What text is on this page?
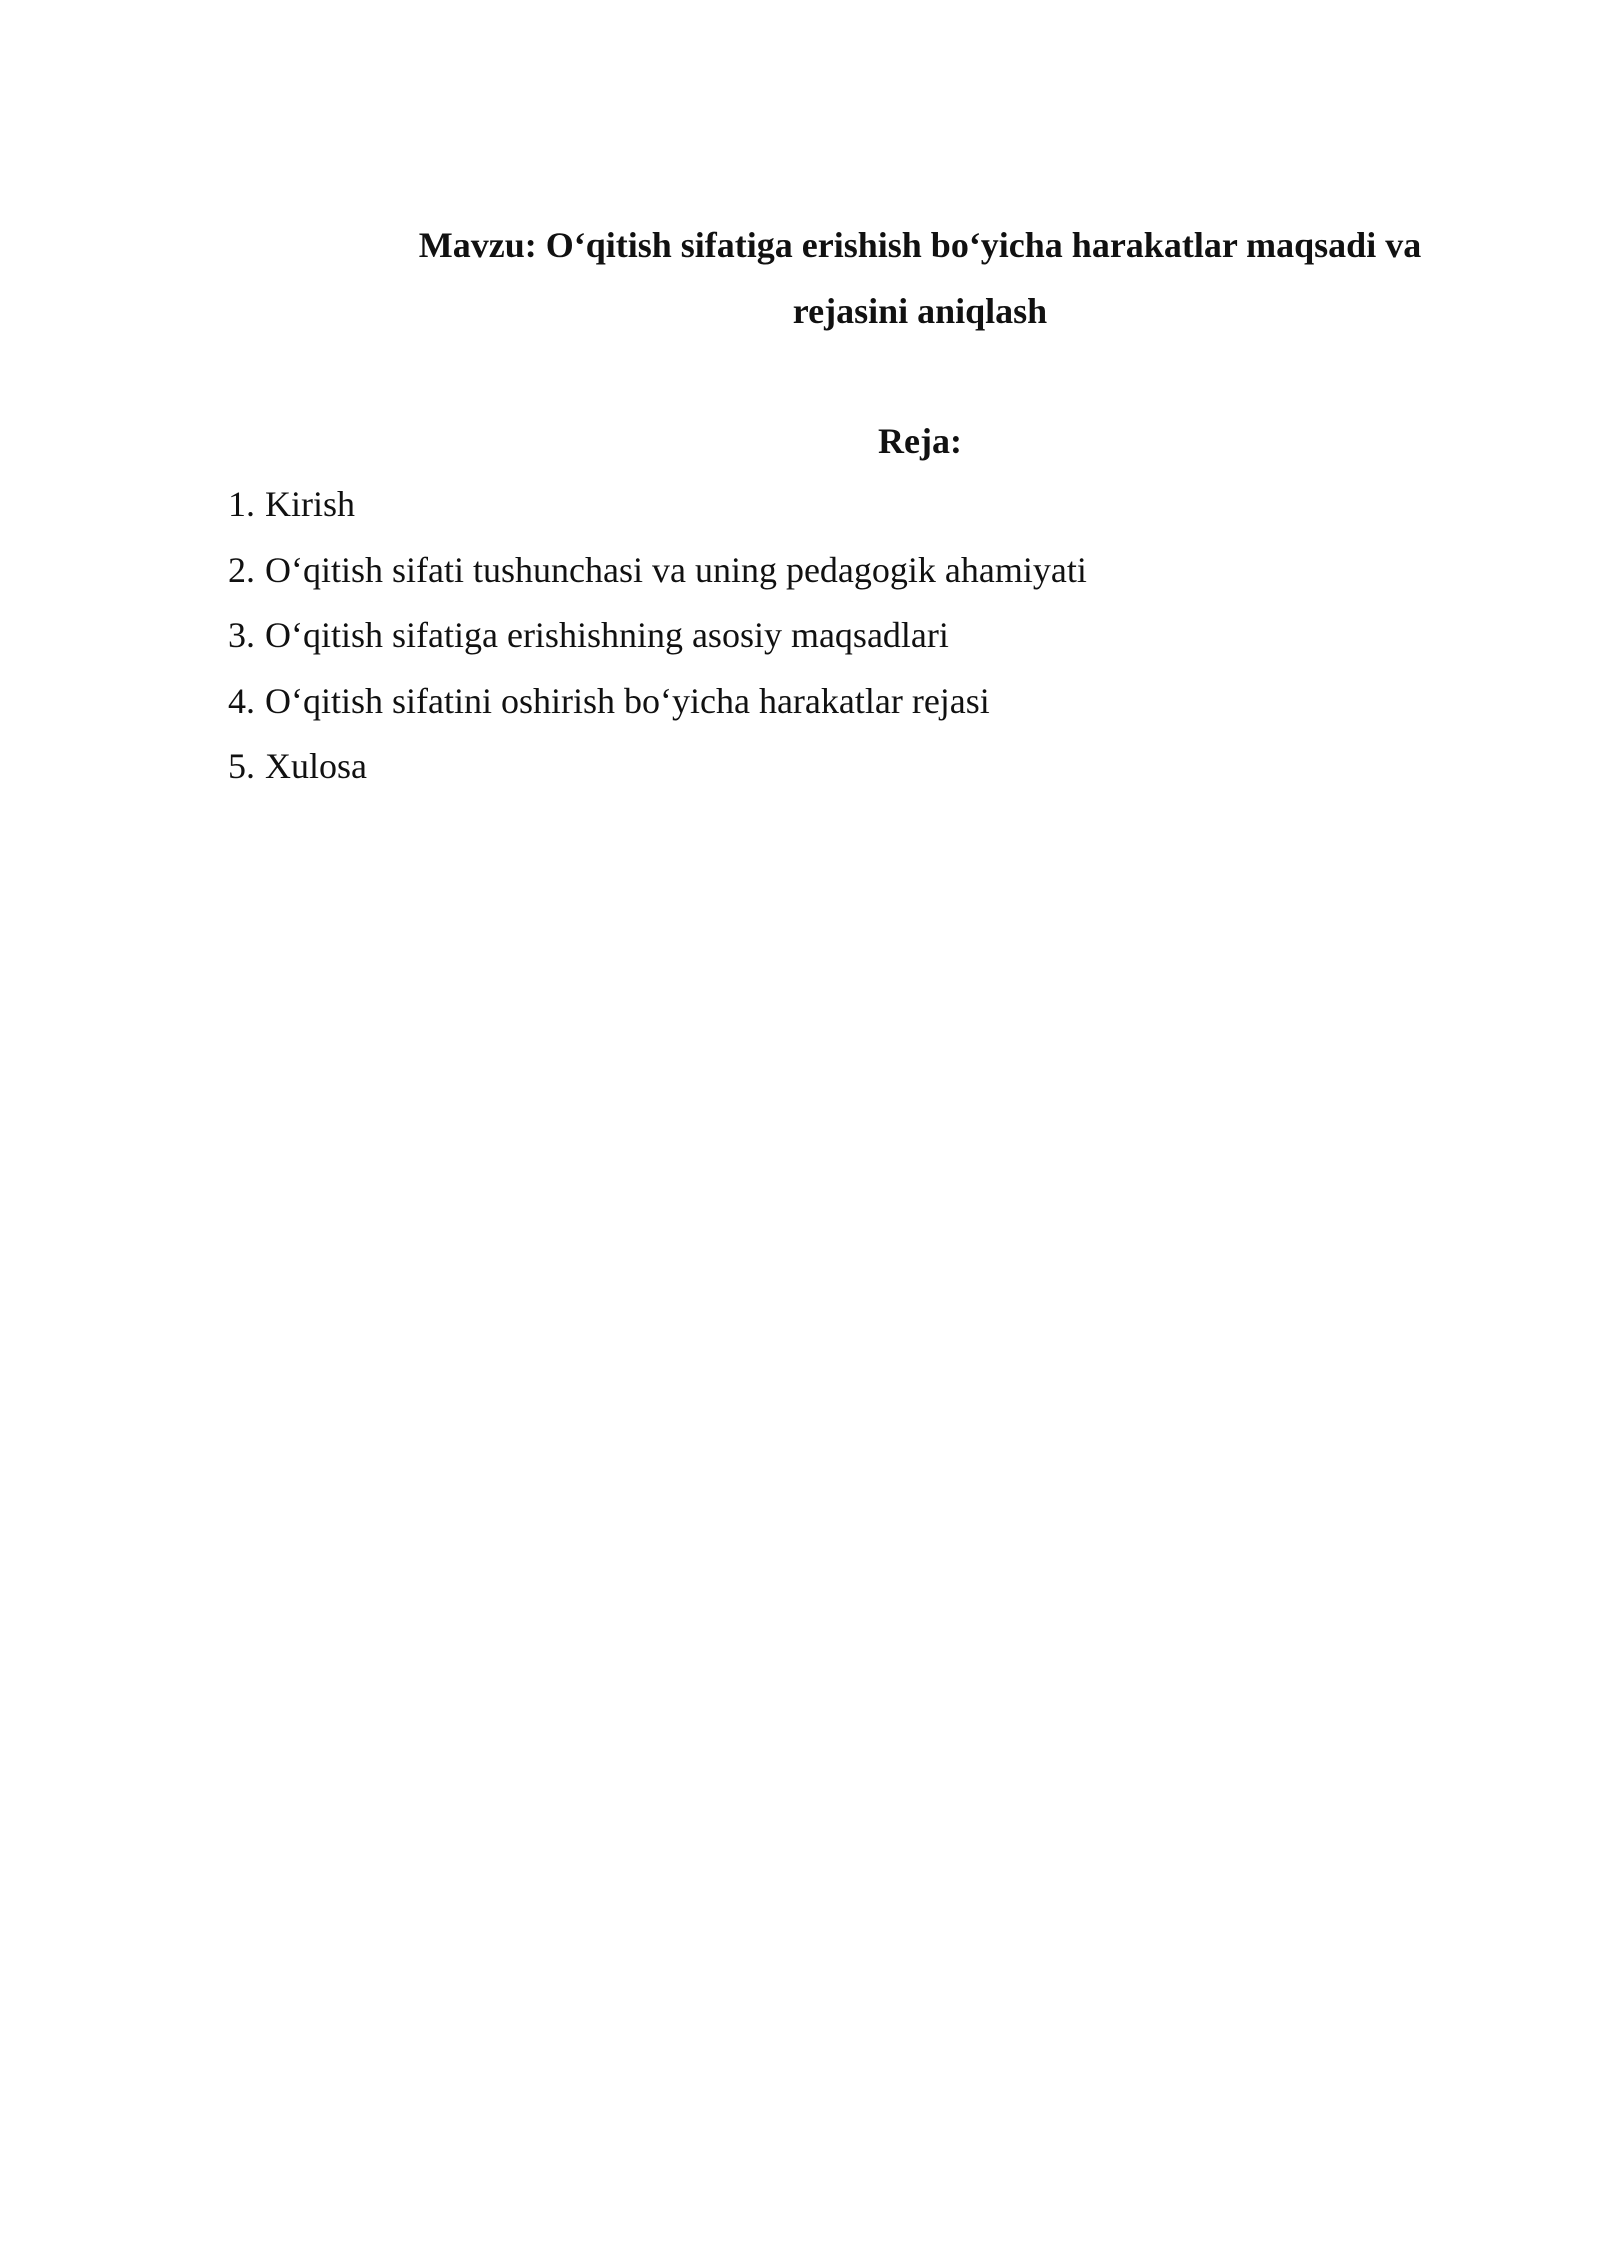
Mavzu: O‘qitish sifatiga erishish bo‘yicha harakatlar maqsadi va
rejasini aniqlash
Reja:
1. Kirish
2. O‘qitish sifati tushunchasi va uning pedagogik ahamiyati
3. O‘qitish sifatiga erishishning asosiy maqsadlari
4. O‘qitish sifatini oshirish bo‘yicha harakatlar rejasi
5. Xulosa
